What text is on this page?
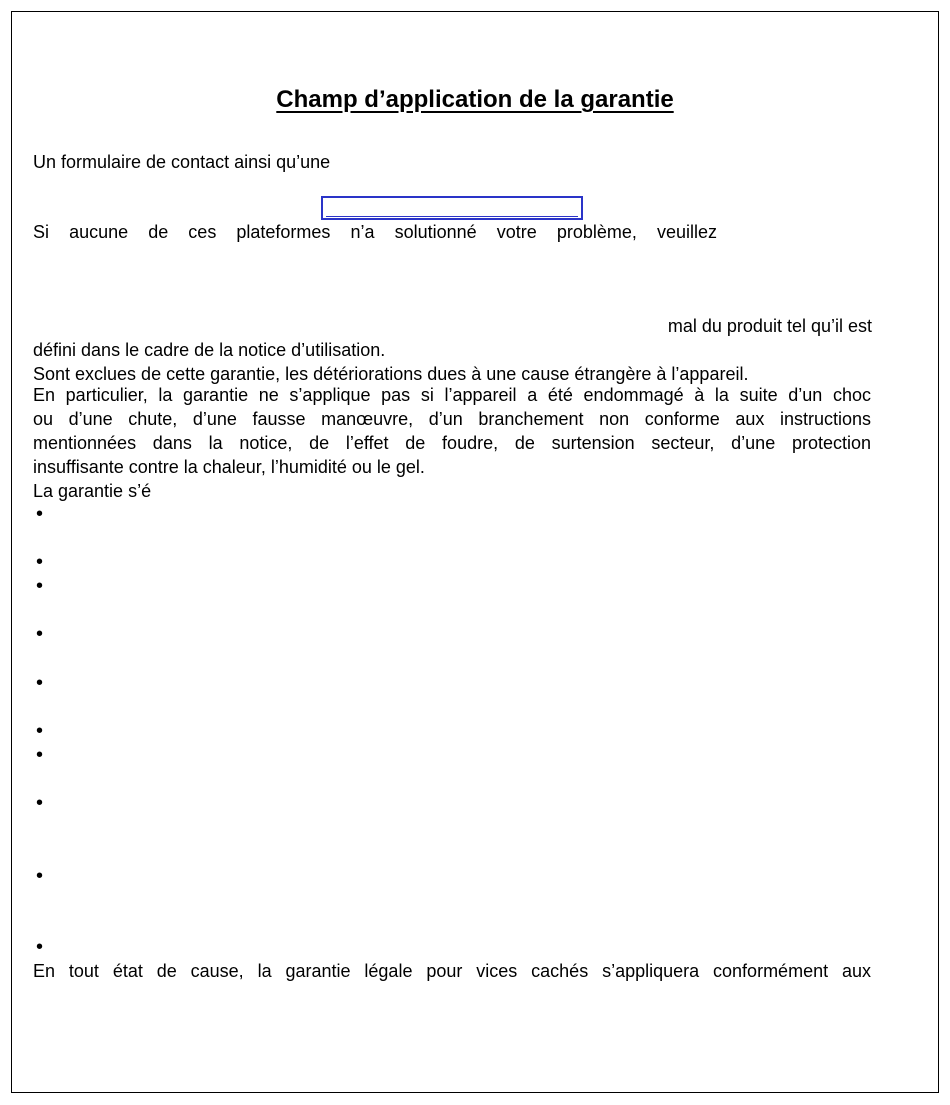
Champ d’application de la garantie
Un formulaire de contact ainsi qu’une
Si aucune de ces plateformes n’a solutionné votre problème, veuillez
mal du produit tel qu’il est
défini dans le cadre de la notice d’utilisation.
Sont exclues de cette garantie, les détériorations dues à une cause étrangère à l’appareil.
En particulier, la garantie ne s’applique pas si l’appareil a été endommagé à la suite d’un choc
ou d’une chute, d’une fausse manœuvre, d’un branchement non conforme aux instructions
mentionnées dans la notice, de l’effet de foudre, de surtension secteur, d’une protection
insuffisante contre la chaleur, l’humidité ou le gel.
La garantie s’é
•
•
•
•
•
•
•
•
•
•
En tout état de cause, la garantie légale pour vices cachés s’appliquera conformément aux
